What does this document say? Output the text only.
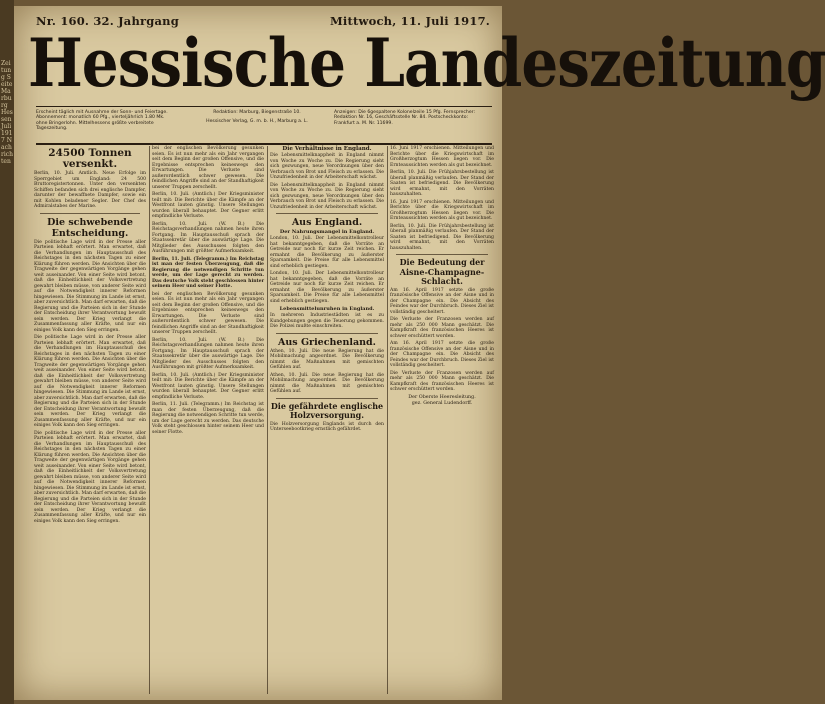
Zeitung Seite Marburg Hessen Juli 1917 Nachrichten
Nr. 160. 32. Jahrgang	Mittwoch, 11. Juli 1917.
Hessische Landeszeitung
Erscheint täglich mit Ausnahme der Sonn- und Feiertage. Abonnement: monatlich 60 Pfg., vierteljährlich 1.80 Mk. ohne Bringerlohn. Mittelhessens größte verbreitete Tageszeitung.
Redaktion: Marburg, Biegenstraße 10.
Hessischer Verlag, G. m. b. H., Marburg a. L.
Anzeigen: Die 6gespaltene Kolonelzeile 15 Pfg. Fernsprecher: Redaktion Nr. 16, Geschäftsstelle Nr. 84. Postscheckkonto: Frankfurt a. M. Nr. 11699.
24500 Tonnen versenkt.

Berlin, 10. Juli. Amtlich. Neue Erfolge im Sperrgebiet um England: 24 500 Bruttoregistertonnen. Unter den versenkten Schiffen befanden sich drei englische Dampfer, darunter der bewaffnete Dampfer, sowie ein mit Kohlen beladener Segler. Der Chef des Admiralstabes der Marine.

Die schwebende Entscheidung.

Die politische Lage wird in der Presse aller Parteien lebhaft erörtert. Man erwartet, daß die Verhandlungen im Hauptausschuß des Reichstages in den nächsten Tagen zu einer Klärung führen werden. Die Ansichten über die Tragweite der gegenwärtigen Vorgänge gehen weit auseinander. Von einer Seite wird betont, daß die Einheitlichkeit der Volksvertretung gewahrt bleiben müsse, von anderer Seite wird auf die Notwendigkeit innerer Reformen hingewiesen. Die Stimmung im Lande ist ernst, aber zuversichtlich. Man darf erwarten, daß die Regierung und die Parteien sich in der Stunde der Entscheidung ihrer Verantwortung bewußt sein werden. Der Krieg verlangt die Zusammenfassung aller Kräfte, und nur ein einiges Volk kann den Sieg erringen.

Die politische Lage wird in der Presse aller Parteien lebhaft erörtert. Man erwartet, daß die Verhandlungen im Hauptausschuß des Reichstages in den nächsten Tagen zu einer Klärung führen werden. Die Ansichten über die Tragweite der gegenwärtigen Vorgänge gehen weit auseinander. Von einer Seite wird betont, daß die Einheitlichkeit der Volksvertretung gewahrt bleiben müsse, von anderer Seite wird auf die Notwendigkeit innerer Reformen hingewiesen. Die Stimmung im Lande ist ernst, aber zuversichtlich. Man darf erwarten, daß die Regierung und die Parteien sich in der Stunde der Entscheidung ihrer Verantwortung bewußt sein werden. Der Krieg verlangt die Zusammenfassung aller Kräfte, und nur ein einiges Volk kann den Sieg erringen.

Die politische Lage wird in der Presse aller Parteien lebhaft erörtert. Man erwartet, daß die Verhandlungen im Hauptausschuß des Reichstages in den nächsten Tagen zu einer Klärung führen werden. Die Ansichten über die Tragweite der gegenwärtigen Vorgänge gehen weit auseinander. Von einer Seite wird betont, daß die Einheitlichkeit der Volksvertretung gewahrt bleiben müsse, von anderer Seite wird auf die Notwendigkeit innerer Reformen hingewiesen. Die Stimmung im Lande ist ernst, aber zuversichtlich. Man darf erwarten, daß die Regierung und die Parteien sich in der Stunde der Entscheidung ihrer Verantwortung bewußt sein werden. Der Krieg verlangt die Zusammenfassung aller Kräfte, und nur ein einiges Volk kann den Sieg erringen.

bei der englischen Bevölkerung gesunken seien. Es ist nun mehr als ein Jahr vergangen seit dem Beginn der großen Offensive, und die Ergebnisse entsprechen keineswegs den Erwartungen. Die Verluste sind außerordentlich schwer gewesen. Die feindlichen Angriffe sind an der Standhaftigkeit unserer Truppen zerschellt.

Berlin, 10. Juli. (Amtlich.) Der Kriegsminister teilt mit: Die Berichte über die Kämpfe an der Westfront lauten günstig. Unsere Stellungen wurden überall behauptet. Der Gegner erlitt empfindliche Verluste.

Berlin, 10. Juli. (W. B.) Die Reichstagsverhandlungen nahmen heute ihren Fortgang. Im Hauptausschuß sprach der Staatssekretär über die auswärtige Lage. Die Mitglieder des Ausschusses folgten den Ausführungen mit größter Aufmerksamkeit.

Berlin, 11. Juli. (Telegramm.) Im Reichstag ist man der festen Überzeugung, daß die Regierung die notwendigen Schritte tun werde, um der Lage gerecht zu werden. Das deutsche Volk steht geschlossen hinter seinem Heer und seiner Flotte.

bei der englischen Bevölkerung gesunken seien. Es ist nun mehr als ein Jahr vergangen seit dem Beginn der großen Offensive, und die Ergebnisse entsprechen keineswegs den Erwartungen. Die Verluste sind außerordentlich schwer gewesen. Die feindlichen Angriffe sind an der Standhaftigkeit unserer Truppen zerschellt.

Berlin, 10. Juli. (W. B.) Die Reichstagsverhandlungen nahmen heute ihren Fortgang. Im Hauptausschuß sprach der Staatssekretär über die auswärtige Lage. Die Mitglieder des Ausschusses folgten den Ausführungen mit größter Aufmerksamkeit.

Berlin, 10. Juli. (Amtlich.) Der Kriegsminister teilt mit: Die Berichte über die Kämpfe an der Westfront lauten günstig. Unsere Stellungen wurden überall behauptet. Der Gegner erlitt empfindliche Verluste.

Berlin, 11. Juli. (Telegramm.) Im Reichstag ist man der festen Überzeugung, daß die Regierung die notwendigen Schritte tun werde, um der Lage gerecht zu werden. Das deutsche Volk steht geschlossen hinter seinem Heer und seiner Flotte.

Die Verhältnisse in England.

Die Lebensmittelknappheit in England nimmt von Woche zu Woche zu. Die Regierung sieht sich gezwungen, neue Verordnungen über den Verbrauch von Brot und Fleisch zu erlassen. Die Unzufriedenheit in der Arbeiterschaft wächst.

Die Lebensmittelknappheit in England nimmt von Woche zu Woche zu. Die Regierung sieht sich gezwungen, neue Verordnungen über den Verbrauch von Brot und Fleisch zu erlassen. Die Unzufriedenheit in der Arbeiterschaft wächst.

Aus England.
Der Nahrungsmangel in England.

London, 10. Juli. Der Lebensmittelkontrolleur hat bekanntgegeben, daß die Vorräte an Getreide nur noch für kurze Zeit reichen. Er ermahnt die Bevölkerung zu äußerster Sparsamkeit. Die Preise für alle Lebensmittel sind erheblich gestiegen.

London, 10. Juli. Der Lebensmittelkontrolleur hat bekanntgegeben, daß die Vorräte an Getreide nur noch für kurze Zeit reichen. Er ermahnt die Bevölkerung zu äußerster Sparsamkeit. Die Preise für alle Lebensmittel sind erheblich gestiegen.

Lebensmittelunruhen in England.

In mehreren Industriestädten ist es zu Kundgebungen gegen die Teuerung gekommen. Die Polizei mußte einschreiten.

Aus Griechenland.

Athen, 10. Juli. Die neue Regierung hat die Mobilmachung angeordnet. Die Bevölkerung nimmt die Maßnahmen mit gemischten Gefühlen auf.

Athen, 10. Juli. Die neue Regierung hat die Mobilmachung angeordnet. Die Bevölkerung nimmt die Maßnahmen mit gemischten Gefühlen auf.

Die gefährdete englische Holzversorgung.

Die Holzversorgung Englands ist durch den Unterseebootkrieg ernstlich gefährdet.

16. Juni 1917 erschienen. Mitteilungen und Berichte über die Kriegswirtschaft im Großherzogtum Hessen liegen vor. Die Ernteaussichten werden als gut bezeichnet.

Berlin, 10. Juli. Die Frühjahrsbestellung ist überall planmäßig verlaufen. Der Stand der Saaten ist befriedigend. Die Bevölkerung wird ermahnt, mit den Vorräten hauszuhalten.

16. Juni 1917 erschienen. Mitteilungen und Berichte über die Kriegswirtschaft im Großherzogtum Hessen liegen vor. Die Ernteaussichten werden als gut bezeichnet.

Berlin, 10. Juli. Die Frühjahrsbestellung ist überall planmäßig verlaufen. Der Stand der Saaten ist befriedigend. Die Bevölkerung wird ermahnt, mit den Vorräten hauszuhalten.

Die Bedeutung der Aisne-Champagne-Schlacht.

Am 16. April 1917 setzte die große französische Offensive an der Aisne und in der Champagne ein. Die Absicht des Feindes war der Durchbruch. Dieses Ziel ist vollständig gescheitert.

Die Verluste der Franzosen werden auf mehr als 250 000 Mann geschätzt. Die Kampfkraft des französischen Heeres ist schwer erschüttert worden.

Am 16. April 1917 setzte die große französische Offensive an der Aisne und in der Champagne ein. Die Absicht des Feindes war der Durchbruch. Dieses Ziel ist vollständig gescheitert.

Die Verluste der Franzosen werden auf mehr als 250 000 Mann geschätzt. Die Kampfkraft des französischen Heeres ist schwer erschüttert worden.

Der Oberste Heeresleitung.
gez. General Ludendorff.
